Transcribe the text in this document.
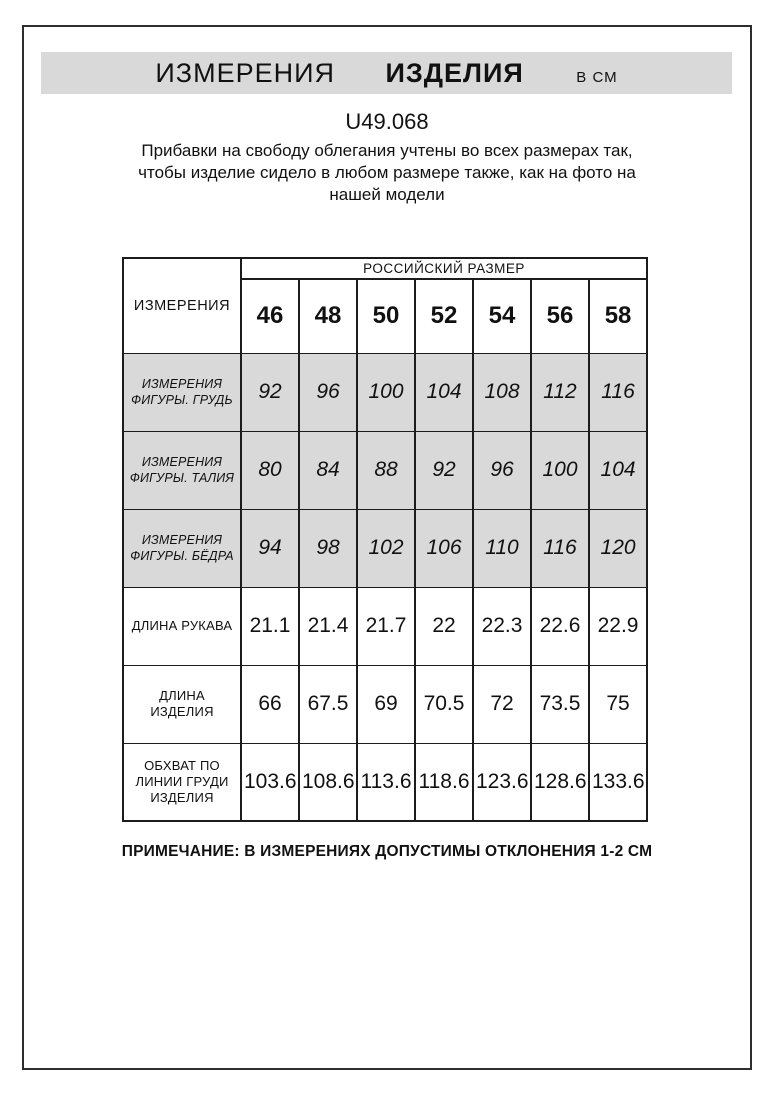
ИЗМЕРЕНИЯ ИЗДЕЛИЯ	В СМ
U49.068
Прибавки на свободу облегания учтены во всех размерах так,
чтобы изделие сидело в любом размере также, как на фото на
нашей модели
ИЗМЕРЕНИЯ	РОССИЙСКИЙ РАЗМЕР						
	46	48	50	52	54	56	58
ИЗМЕРЕНИЯ ФИГУРЫ. ГРУДЬ	92	96	100	104	108	112	116
ИЗМЕРЕНИЯ ФИГУРЫ. ТАЛИЯ	80	84	88	92	96	100	104
ИЗМЕРЕНИЯ ФИГУРЫ. БЁДРА	94	98	102	106	110	116	120
ДЛИНА РУКАВА	21.1	21.4	21.7	22	22.3	22.6	22.9
ДЛИНА ИЗДЕЛИЯ	66	67.5	69	70.5	72	73.5	75
ОБХВАТ ПО ЛИНИИ ГРУДИ ИЗДЕЛИЯ	103.6	108.6	113.6	118.6	123.6	128.6	133.6
ПРИМЕЧАНИЕ: В ИЗМЕРЕНИЯХ ДОПУСТИМЫ ОТКЛОНЕНИЯ 1-2 СМ
